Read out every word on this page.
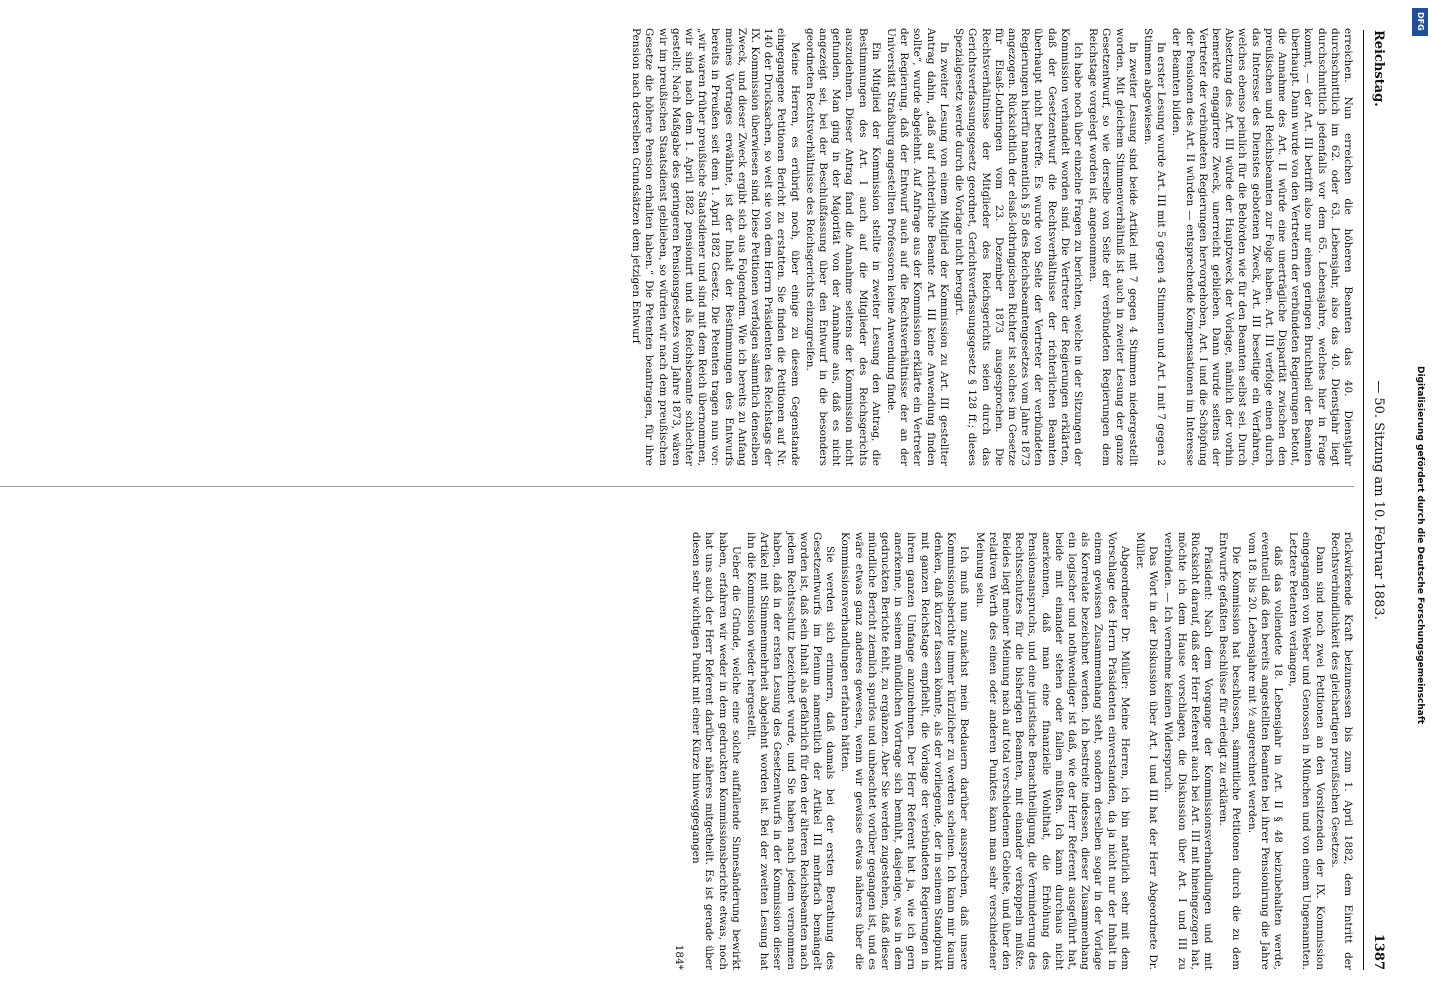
Reichstag.
— 50. Sitzung am 10. Februar 1883.
1387

erreichen. Nun erreichen die höheren Beamten das 40. Dienstjahr durchschnittlich im 62. oder 63. Lebensjahr, also das 40. Dienstjahr liegt durchschnittlich jedenfalls vor dem 65. Lebensjahre, welches hier in Frage kommt, — der Art. III betrifft also nur einen geringen Bruchtheil der Beamten überhaupt. Dann wurde von den Vertretern der verbündeten Regierungen betont, die Annahme des Art. II würde eine unerträgliche Disparität zwischen den preußischen und Reichsbeamten zur Folge haben. Art. III verfolge einen durch das Interesse des Dienstes gebotenen Zweck, Art. III beseitige ein Verfahren, welches ebenso peinlich für die Behörden wie für den Beamten selbst sei. Durch Absetzung des Art. III würde der Hauptzweck der Vorlage, nämlich der vorhin bemerkte engagirtere Zweck, unerreicht geblieben. Dann wurde seitens der Vertreter der verbündeten Regierungen hervorgehoben, Art. I und die Schöpfung der Pensionen des Art. II würden — entsprechende Kompensationen im Interesse der Beamten bilden.

In erster Lesung wurde Art. III mit 5 gegen 4 Stimmen und Art. I mit 7 gegen 2 Stimmen abgewiesen.

In zweiter Lesung sind beide Artikel mit 7 gegen 4 Stimmen niedergestellt worden. Mit gleichem Stimmenverhältniß ist auch in zweiter Lesung der ganze Gesetzentwurf, so wie derselbe von Seite der verbündeten Regierungen dem Reichstage vorgelegt worden ist, angenommen.

Ich habe noch über einzelne Fragen zu berichten, welche in der Sitzungen der Kommission verhandelt worden sind. Die Vertreter der Regierungen erklärten, daß der Gesetzentwurf die Rechtsverhältnisse der richterlichen Beamten überhaupt nicht betreffe. Es wurde von Seite der Vertreter der verbündeten Regierungen hierfür namentlich § 58 des Reichsbeamtengesetzes vom Jahre 1873 angezogen. Rücksichtlich der elsaß-lothringischen Richter ist solches im Gesetze für Elsaß-Lothringen vom 23. Dezember 1873 ausgesprochen. Die Rechtsverhältnisse der Mitglieder des Reichsgerichts seien durch das Gerichtsverfassungsgesetz geordnet, Gerichtsverfassungsgesetz § 128 ff.; dieses Spezialgesetz werde durch die Vorlage nicht berogirt.

In zweiter Lesung von einem Mitglied der Kommission zu Art. III gestellter Antrag dahin, „daß auf richterliche Beamte Art. III keine Anwendung finden sollte“, wurde abgelehnt. Auf Anfrage aus der Kommission erklärte ein Vertreter der Regierung, daß der Entwurf auch auf die Rechtsverhältnisse der an der Universität Straßburg angestellten Professoren keine Anwendung finde.

Ein Mitglied der Kommission stellte in zweiter Lesung den Antrag, die Bestimmungen des Art. I auch auf die Mitglieder des Reichsgerichts auszudehnen. Dieser Antrag fand die Annahme seitens der Kommission nicht gefunden. Man ging in der Majorität von der Annahme aus, daß es nicht angezeigt sei, bei der Beschlußfassung über den Entwurf in die besonders geordneten Rechtsverhältnisse des Reichsgerichts einzugreifen.

Meine Herren, es erübrigt noch, über einige zu diesem Gegenstande eingegangene Petitionen Bericht zu erstatten. Sie finden die Petitionen auf Nr. 140 der Drucksachen, so weit sie von dem Herrn Präsidenten des Reichstags der IX. Kommission überwiesen sind. Diese Petitionen verfolgen sämmtlich denselben Zweck, und dieser Zweck ergibt sich aus Folgendem. Wie ich bereits zu Anfang meines Vortrages erwähnte, ist der Inhalt der Bestimmungen des Entwurfs bereits in Preußen seit dem 1. April 1882 Gesetz. Die Petenten tragen nun vor: „wir waren früher preußische Staatsdiener und sind mit dem Reich übernommen, wir sind nach dem 1. April 1882 pensionirt und als Reichsbeamte schlechter gestellt; Nach Maßgabe des geringeren Pensionsgesetzes vom Jahre 1873, wären wir im preußischen Staatsdienst geblieben, so würden wir nach dem preußischen Gesetze die höhere Pension erhalten haben.“ Die Petenten beantragen, für ihre Pension nach derselben Grundsätzen dem jetzigen Entwurf

rückwirkende Kraft beizumessen bis zum 1. April 1882, dem Eintritt der Rechtsverbindlichkeit des gleichartigen preußischen Gesetzes.

Dann sind noch zwei Petitionen an den Vorsitzenden der IX. Kommission eingegangen von Weber und Genossen in München und von einem Ungenannten. Letztere Petenten verlangen,

daß das vollendete 18. Lebensjahr in Art. II § 48 beizubehalten werde, eventuell daß den bereits angestellten Beamten bei ihrer Pensionirung die Jahre vom 18. bis 20. Lebensjahre mit ½ angerechnet werden.

Die Kommission hat beschlossen, sämmtliche Petitionen durch die zu dem Entwurfe gefaßten Beschlüsse für erledigt zu erklären.

Präsident: Nach dem Vorgange der Kommissionsverhandlungen und mit Rücksicht darauf, daß der Herr Referent auch bei Art. III mit hineingezogen hat, möchte ich dem Hause vorschlagen, die Diskussion über Art. I und III zu verbinden. — Ich vernehme keinen Widerspruch.

Das Wort in der Diskussion über Art. I und III hat der Herr Abgeordnete Dr. Müller.

Abgeordneter Dr. Müller: Meine Herren, ich bin natürlich sehr mit dem Vorschlage des Herrn Präsidenten einverstanden, da ja nicht nur der Inhalt in einem gewissen Zusammenhang steht, sondern derselben sogar in der Vorlage als Korrelate bezeichnet werden. Ich bestreite indessen, dieser Zusammenhang ein logischer und nothwendiger ist daß, wie der Herr Referent ausgeführt hat, beide mit einander stehen oder fallen müßten. Ich kann durchaus nicht anerkennen, daß man eine finanzielle Wohlthat, die Erhöhung des Pensionsanspruchs, und eine juristische Benachtheiligung, die Verminderung des Rechtsschutzes für die bisherigen Beamten, mit einander verkoppeln müßte. Beides liegt meiner Meinung nach auf total verschiedenem Gebiete, und über den relativen Werth des einen oder anderen Punktes kann man sehr verschiedener Meinung sein.

Ich muß nun zunächst mein Bedauern darüber aussprechen, daß unsere Kommissionsberichte immer kürzlicher zu werden scheinen. Ich kann mir kaum denken, daß kürzer fassen könnte, als der vorliegende, der in seinem Standpunkt mit ganzen Reichstage empfiehlt, die Vorlage der verbündeten Regierungen in ihrem ganzen Umfange anzunehmen. Der Herr Referent hat ja, wie ich gern anerkenne, in seinem mündlichen Vortrage sich bemüht, dasjenige, was in dem gedruckten Berichte fehlt, zu ergänzen. Aber Sie werden zugestehen, daß dieser mündliche Bericht ziemlich spurlos und unbeachtet vorüber gegangen ist, und es wäre etwas ganz anderes gewesen, wenn wir gewisse etwas näheres über die Kommissionsverhandlungen erfahren hätten.

Sie werden sich erinnern, daß damals bei der ersten Berathung des Gesetzentwurfs im Plenum namentlich der Artikel III mehrfach bemängelt worden ist, daß sein Inhalt als gefährlich für den der älteren Reichsbeamten nach jedem Rechtsschutz bezeichnet wurde, und Sie haben nach jedem vernommen haben, daß in der ersten Lesung des Gesetzentwurfs in der Kommission dieser Artikel mit Stimmenmehrheit abgelehnt worden ist. Bei der zweiten Lesung hat ihn die Kommission wieder hergestellt.

Ueber die Gründe, welche eine solche auffallende Sinnesänderung bewirkt haben, erfahren wir weder in dem gedruckten Kommissionsberichte etwas, noch hat uns auch der Herr Referent darüber näheres mitgetheilt. Es ist gerade über diesen sehr wichtigen Punkt mit einer Kürze hinweggegangen

184*
DFG
Digitalisierung gefördert durch die Deutsche Forschungsgemeinschaft
